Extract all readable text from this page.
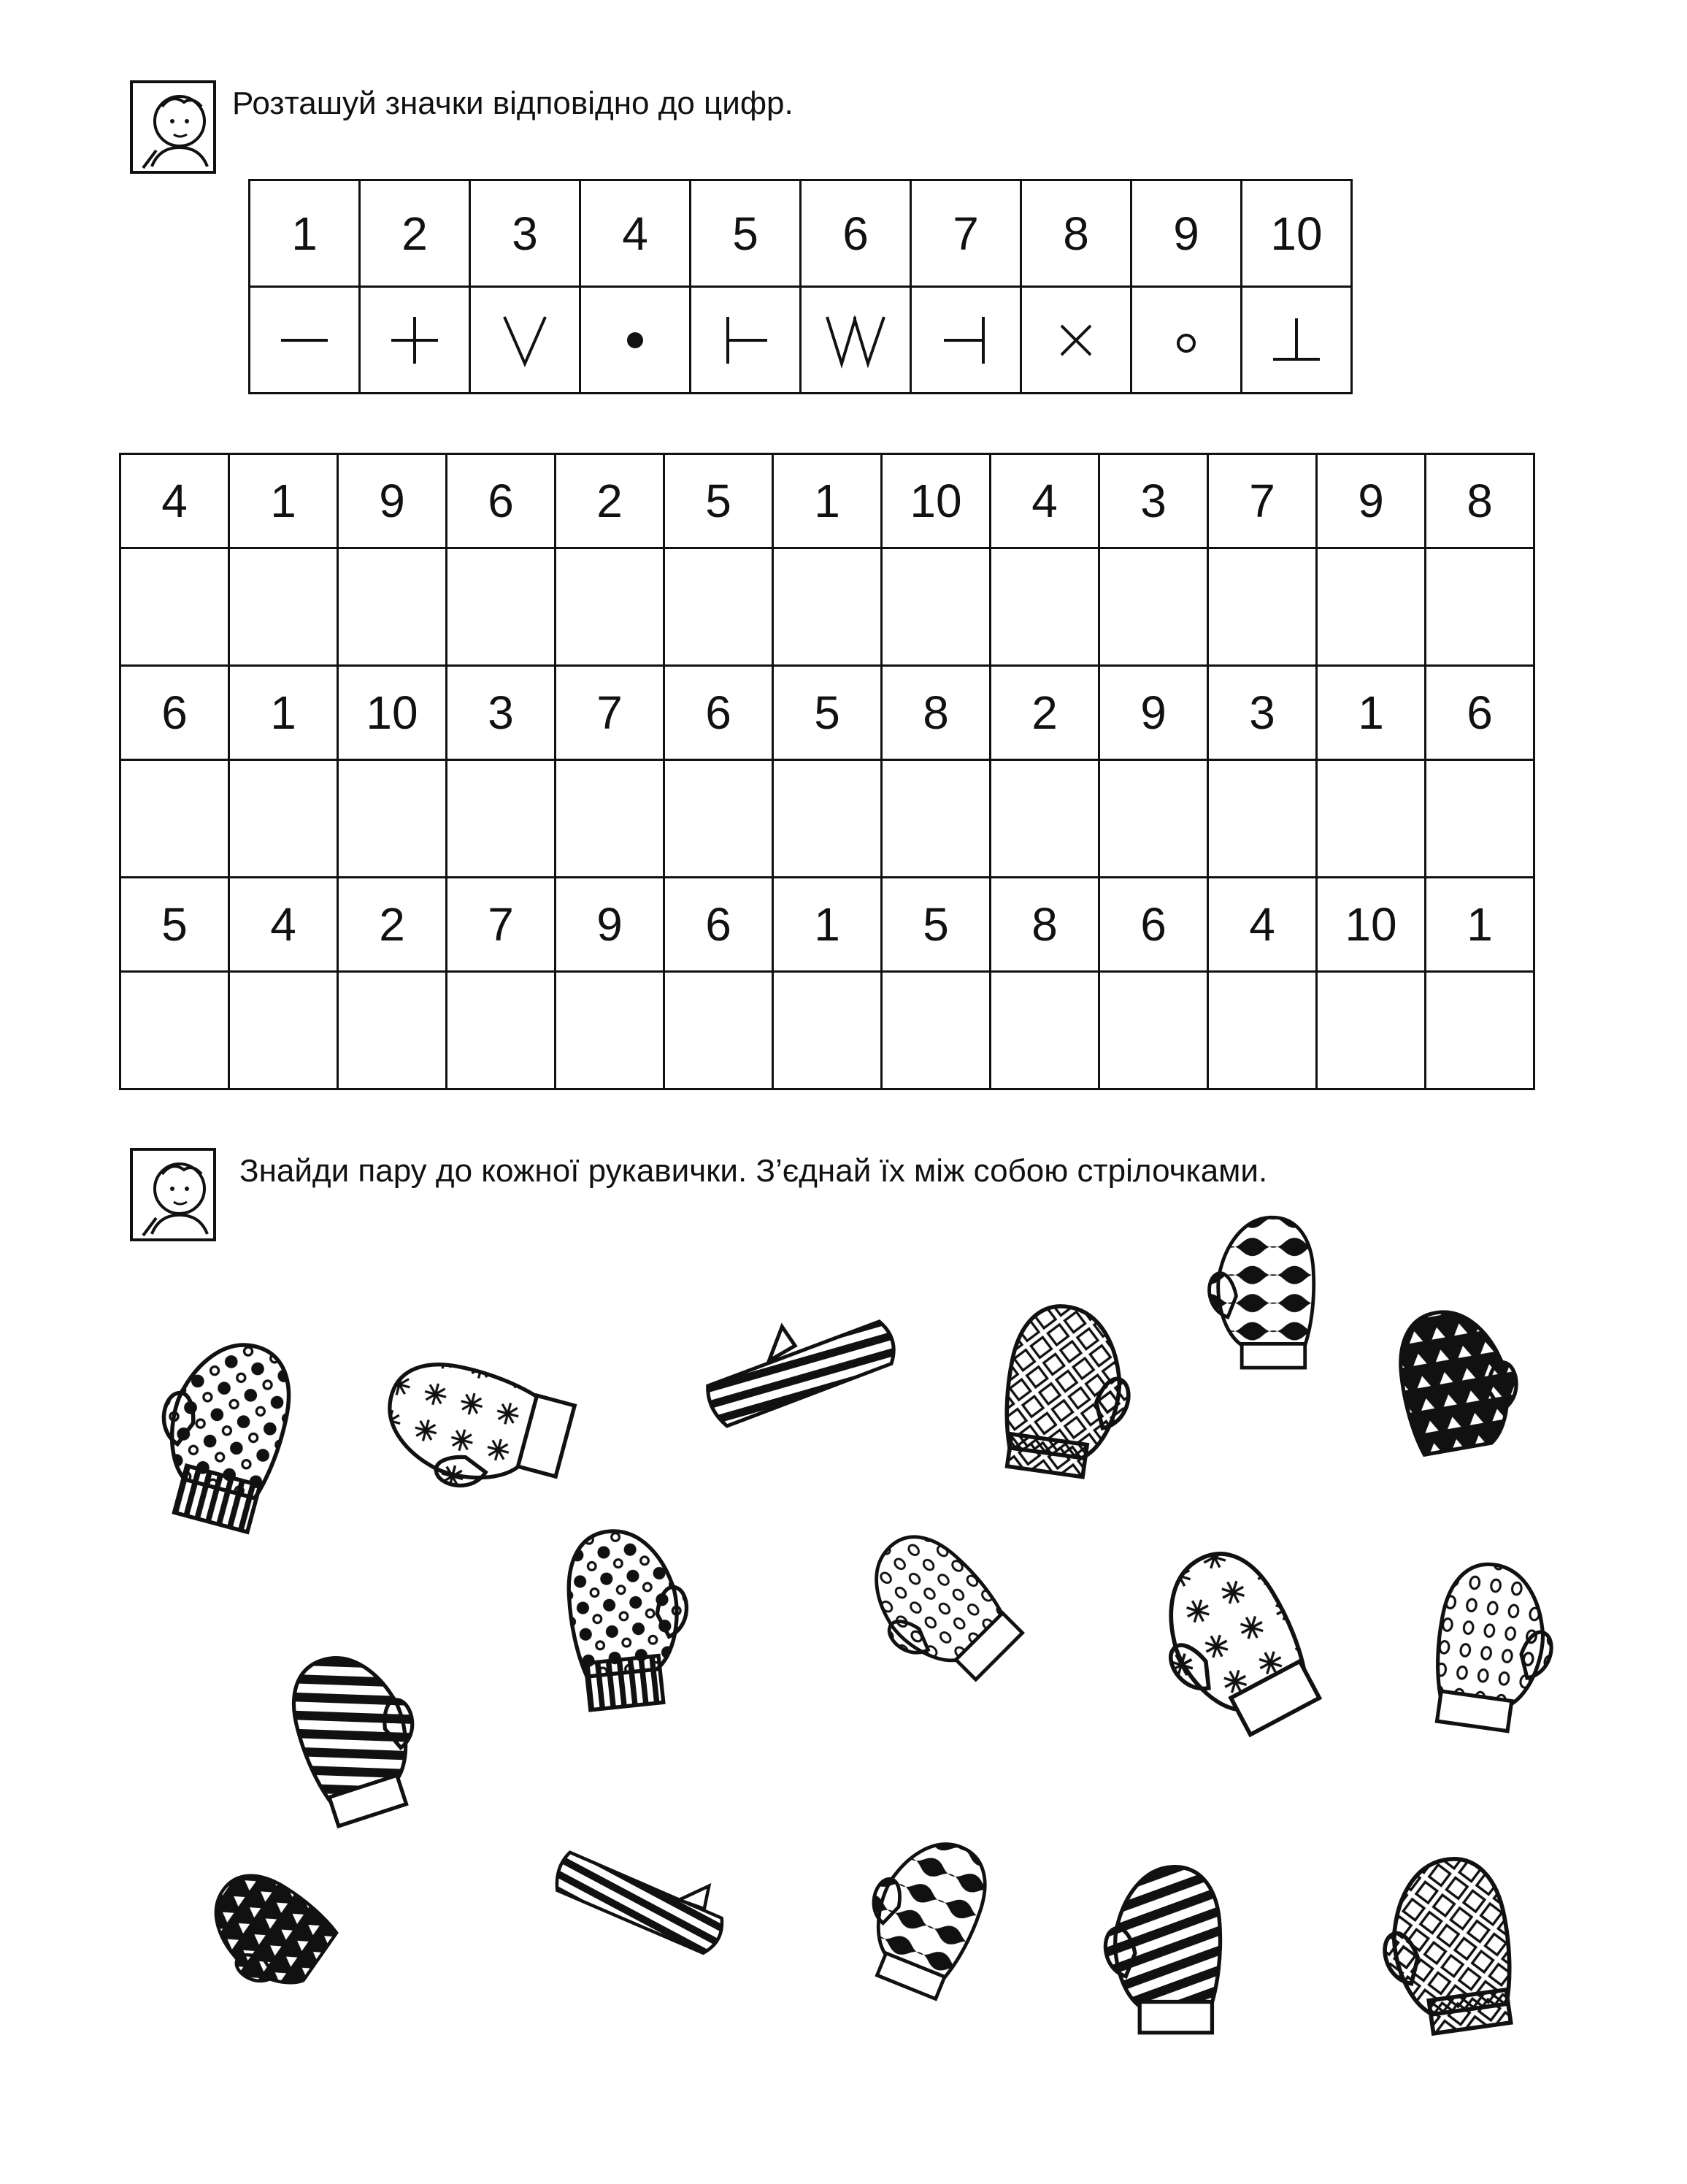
Розташуй значки відповідно до цифр.
1	2	3	4	5	6	7	8	9	10

4	1	9	6	2	5	1	10	4	3	7	9	8

6	1	10	3	7	6	5	8	2	9	3	1	6

5	4	2	7	9	6	1	5	8	6	4	10	1

Знайди пару до кожної рукавички. З’єднай їх між собою стрілочками.
